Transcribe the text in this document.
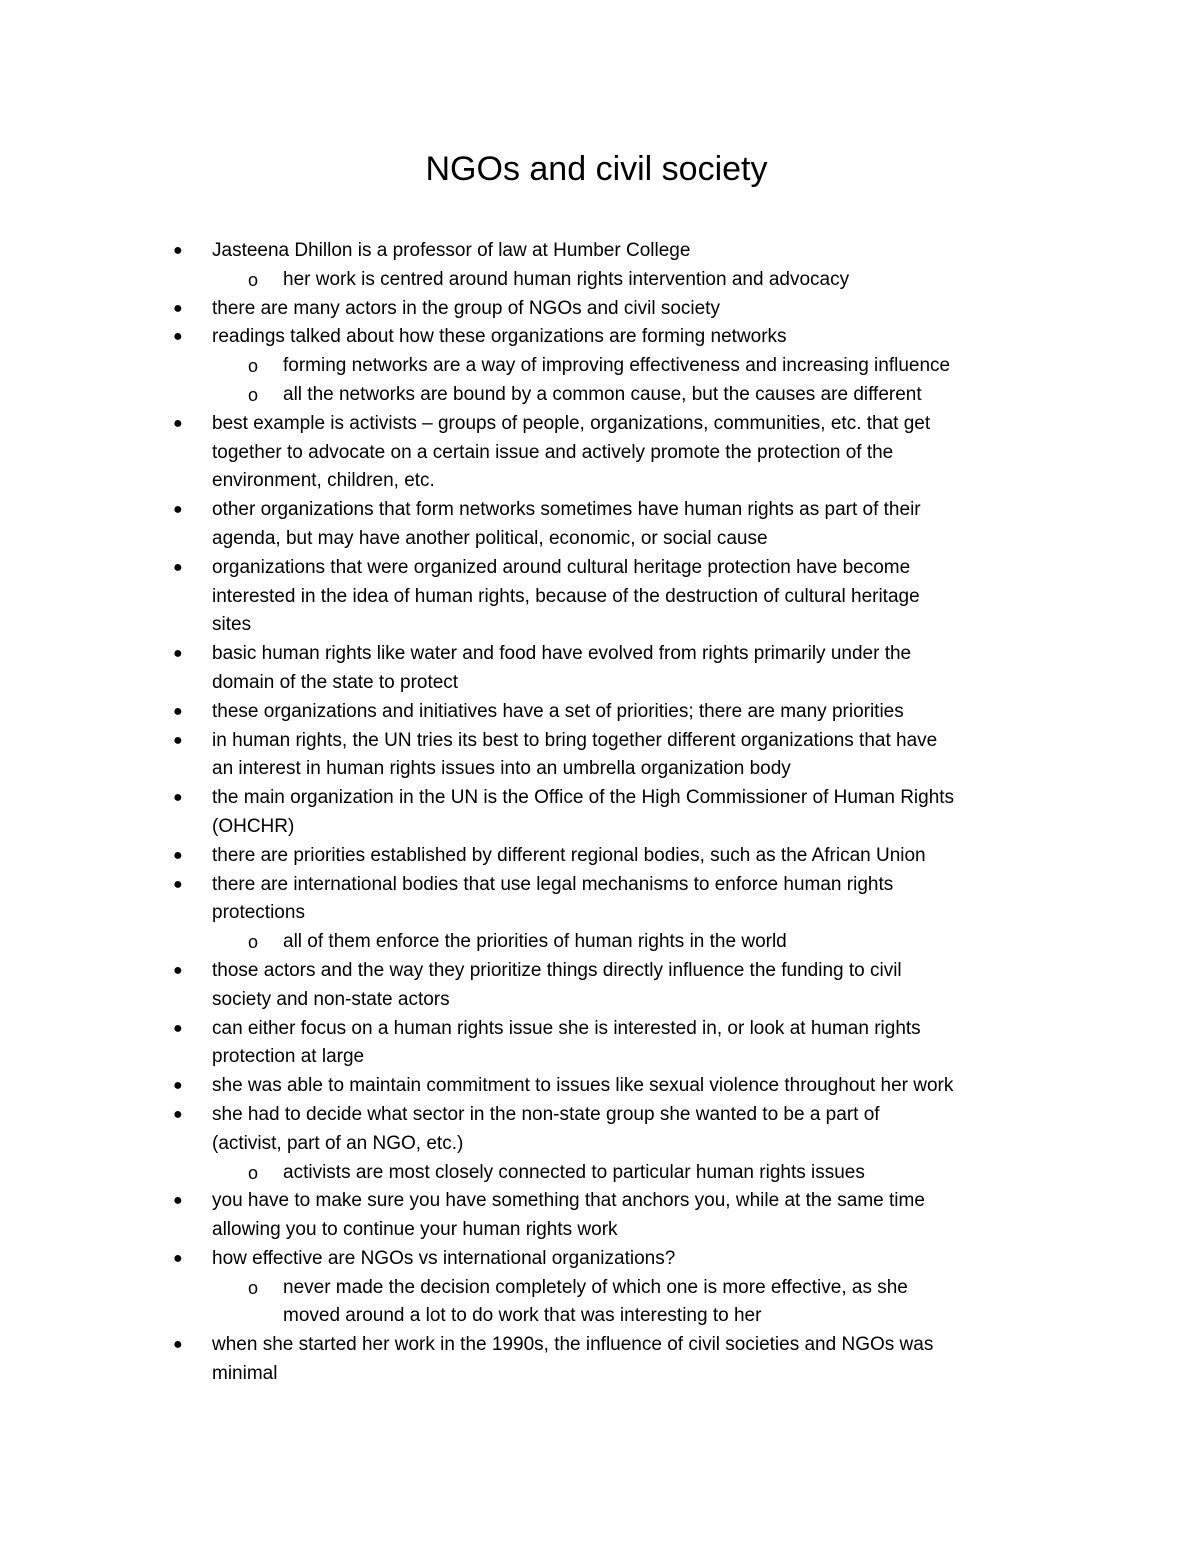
NGOs and civil society
● Jasteena Dhillon is a professor of law at Humber College
o her work is centred around human rights intervention and advocacy
● there are many actors in the group of NGOs and civil society
● readings talked about how these organizations are forming networks
o forming networks are a way of improving effectiveness and increasing influence
o all the networks are bound by a common cause, but the causes are different
● best example is activists – groups of people, organizations, communities, etc. that get
together to advocate on a certain issue and actively promote the protection of the
environment, children, etc.
● other organizations that form networks sometimes have human rights as part of their
agenda, but may have another political, economic, or social cause
● organizations that were organized around cultural heritage protection have become
interested in the idea of human rights, because of the destruction of cultural heritage
sites
● basic human rights like water and food have evolved from rights primarily under the
domain of the state to protect
● these organizations and initiatives have a set of priorities; there are many priorities
● in human rights, the UN tries its best to bring together different organizations that have
an interest in human rights issues into an umbrella organization body
● the main organization in the UN is the Office of the High Commissioner of Human Rights
(OHCHR)
● there are priorities established by different regional bodies, such as the African Union
● there are international bodies that use legal mechanisms to enforce human rights
protections
o all of them enforce the priorities of human rights in the world
● those actors and the way they prioritize things directly influence the funding to civil
society and non-state actors
● can either focus on a human rights issue she is interested in, or look at human rights
protection at large
● she was able to maintain commitment to issues like sexual violence throughout her work
● she had to decide what sector in the non-state group she wanted to be a part of
(activist, part of an NGO, etc.)
o activists are most closely connected to particular human rights issues
● you have to make sure you have something that anchors you, while at the same time
allowing you to continue your human rights work
● how effective are NGOs vs international organizations?
o never made the decision completely of which one is more effective, as she
moved around a lot to do work that was interesting to her
● when she started her work in the 1990s, the influence of civil societies and NGOs was
minimal
